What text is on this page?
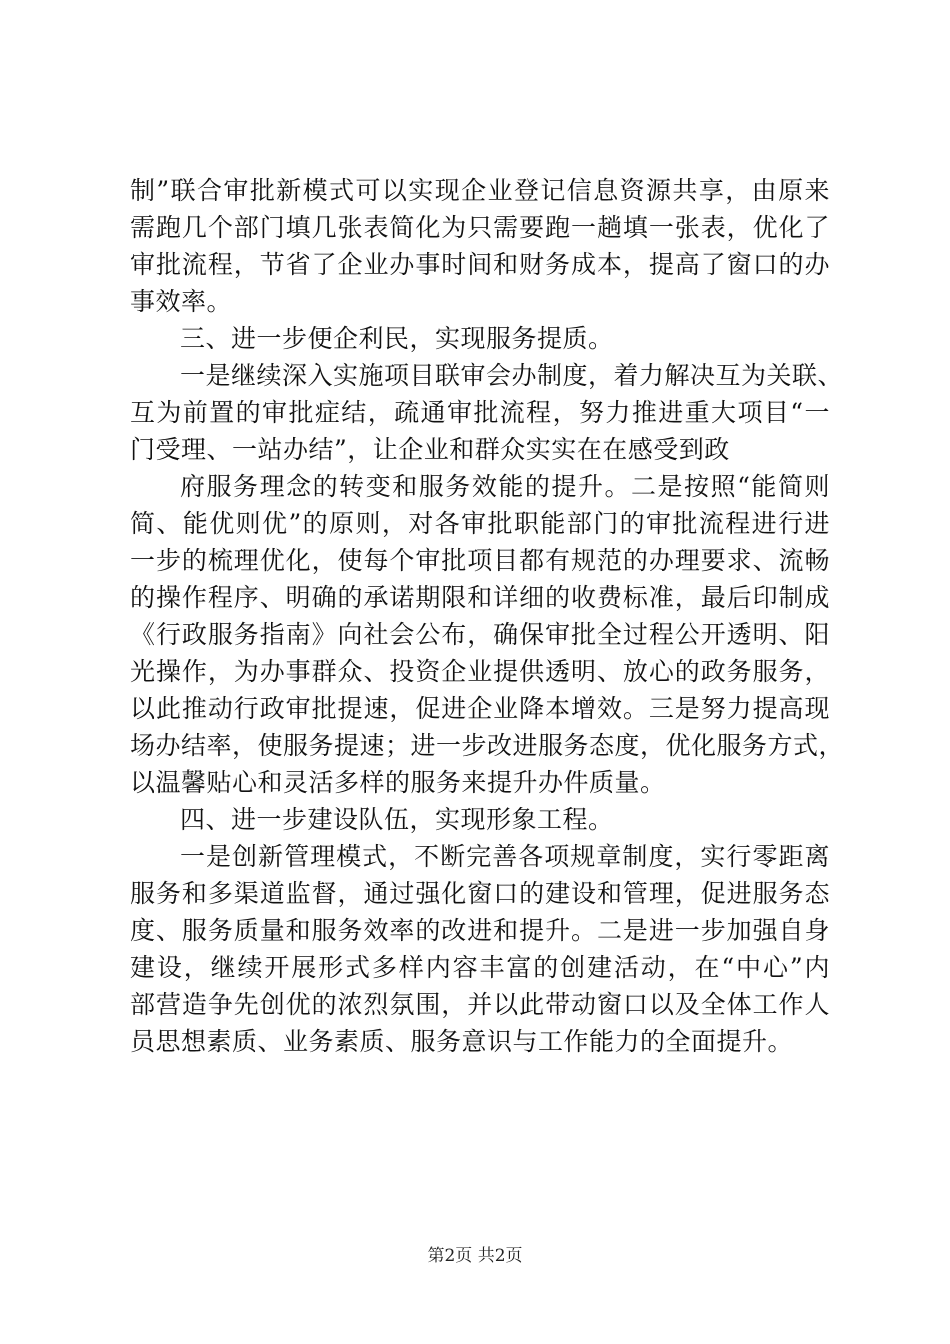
制”联合审批新模式可以实现企业登记信息资源共享，由原来
需跑几个部门填几张表简化为只需要跑一趟填一张表，优化了
审批流程，节省了企业办事时间和财务成本，提高了窗口的办
事效率。
三、进一步便企利民，实现服务提质。
一是继续深入实施项目联审会办制度，着力解决互为关联、
互为前置的审批症结，疏通审批流程，努力推进重大项目“一
门受理、一站办结”，让企业和群众实实在在感受到政
府服务理念的转变和服务效能的提升。二是按照“能简则
简、能优则优”的原则，对各审批职能部门的审批流程进行进
一步的梳理优化，使每个审批项目都有规范的办理要求、流畅
的操作程序、明确的承诺期限和详细的收费标准，最后印制成
《行政服务指南》向社会公布，确保审批全过程公开透明、阳
光操作，为办事群众、投资企业提供透明、放心的政务服务，
以此推动行政审批提速，促进企业降本增效。三是努力提高现
场办结率，使服务提速；进一步改进服务态度，优化服务方式，
以温馨贴心和灵活多样的服务来提升办件质量。
四、进一步建设队伍，实现形象工程。
一是创新管理模式，不断完善各项规章制度，实行零距离
服务和多渠道监督，通过强化窗口的建设和管理，促进服务态
度、服务质量和服务效率的改进和提升。二是进一步加强自身
建设，继续开展形式多样内容丰富的创建活动，在“中心”内
部营造争先创优的浓烈氛围，并以此带动窗口以及全体工作人
员思想素质、业务素质、服务意识与工作能力的全面提升。
第2页 共2页
